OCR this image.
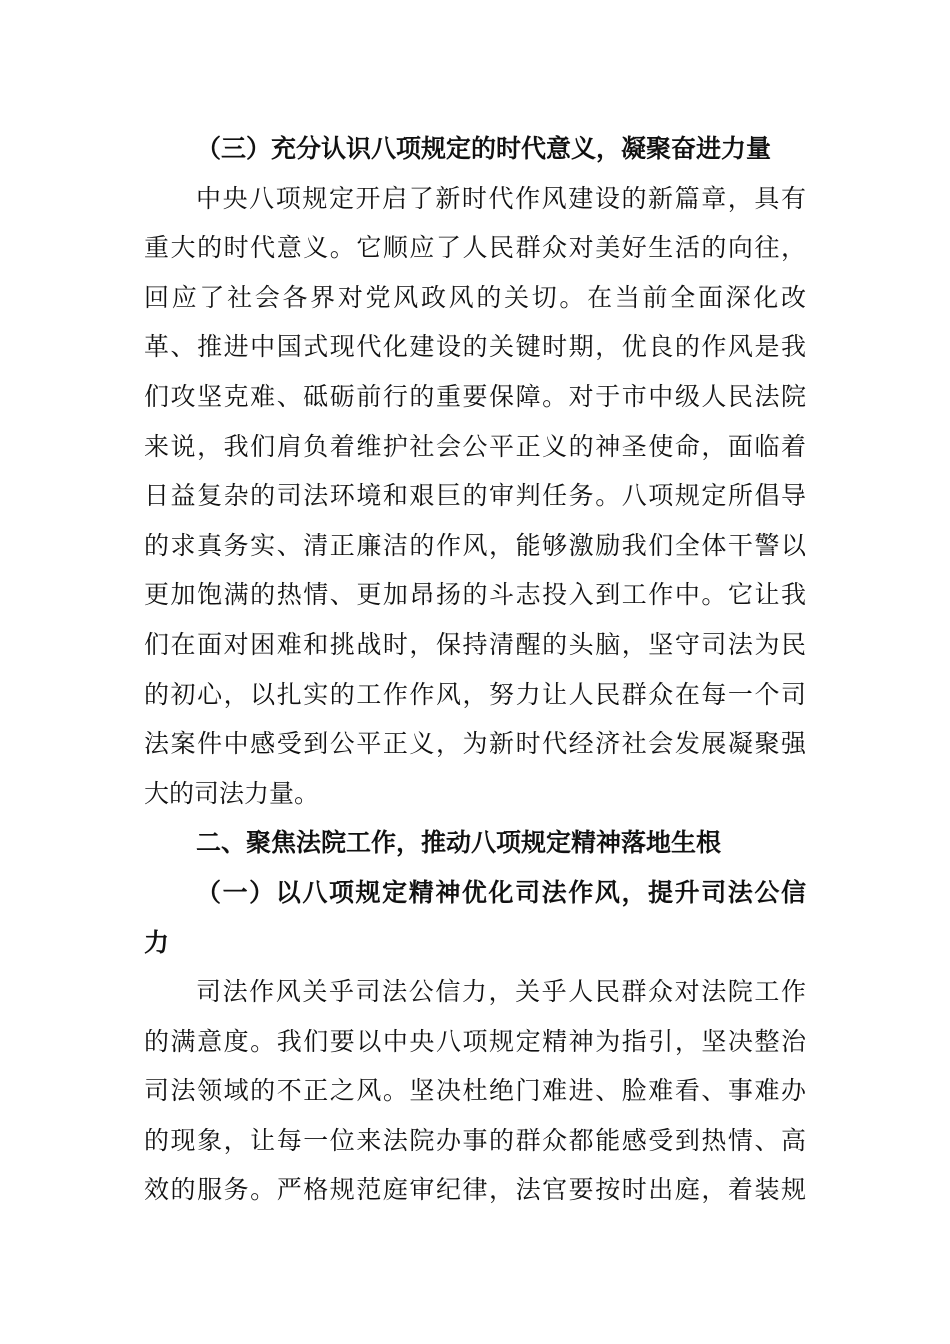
（三）充分认识八项规定的时代意义，凝聚奋进力量
中央八项规定开启了新时代作风建设的新篇章，具有
重大的时代意义。它顺应了人民群众对美好生活的向往，
回应了社会各界对党风政风的关切。在当前全面深化改
革、推进中国式现代化建设的关键时期，优良的作风是我
们攻坚克难、砥砺前行的重要保障。对于市中级人民法院
来说，我们肩负着维护社会公平正义的神圣使命，面临着
日益复杂的司法环境和艰巨的审判任务。八项规定所倡导
的求真务实、清正廉洁的作风，能够激励我们全体干警以
更加饱满的热情、更加昂扬的斗志投入到工作中。它让我
们在面对困难和挑战时，保持清醒的头脑，坚守司法为民
的初心，以扎实的工作作风，努力让人民群众在每一个司
法案件中感受到公平正义，为新时代经济社会发展凝聚强
大的司法力量。
二、聚焦法院工作，推动八项规定精神落地生根
（一）以八项规定精神优化司法作风，提升司法公信
力
司法作风关乎司法公信力，关乎人民群众对法院工作
的满意度。我们要以中央八项规定精神为指引，坚决整治
司法领域的不正之风。坚决杜绝门难进、脸难看、事难办
的现象，让每一位来法院办事的群众都能感受到热情、高
效的服务。严格规范庭审纪律，法官要按时出庭，着装规
